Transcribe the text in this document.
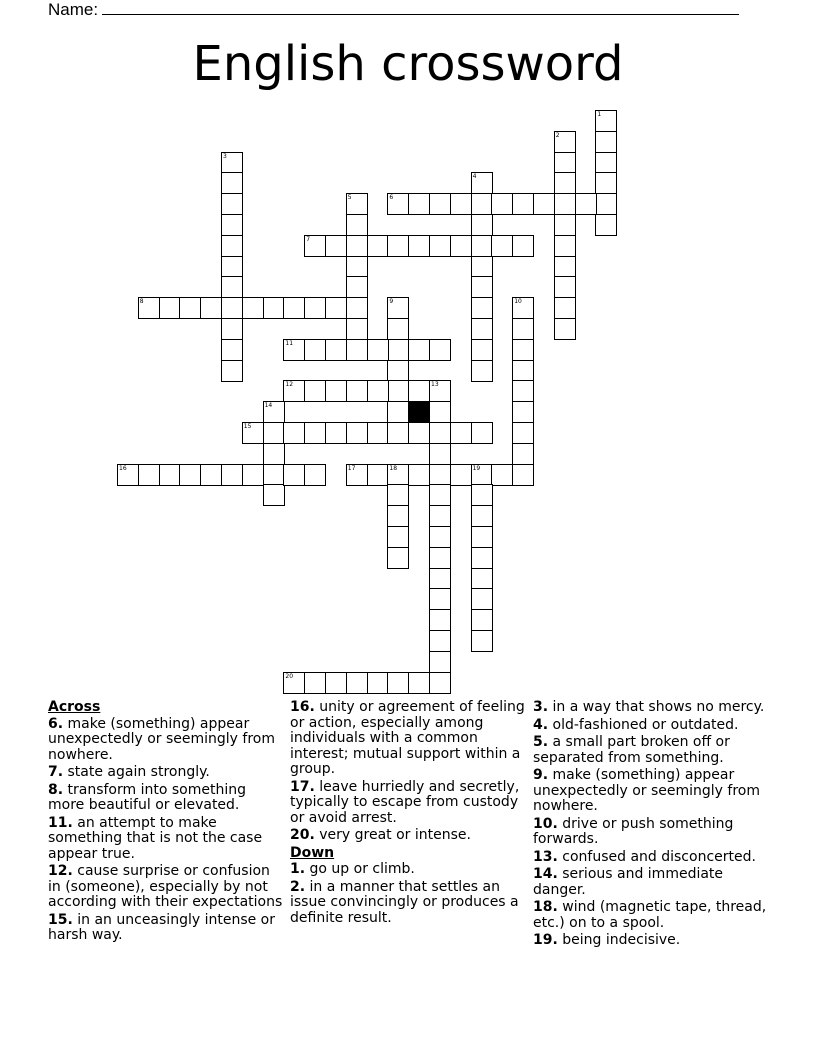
Name:
English crossword
1
2
3
4
5	6
7
8	9	10
11
12	13
14
15
16	17	18	19
20
Across
6. make (something) appear unexpectedly or seemingly from nowhere.
7. state again strongly.
8. transform into something more beautiful or elevated.
11. an attempt to make something that is not the case appear true.
12. cause surprise or confusion in (someone), especially by not according with their expectations
15. in an unceasingly intense or harsh way.
16. unity or agreement of feeling or action, especially among individuals with a common interest; mutual support within a group.
17. leave hurriedly and secretly, typically to escape from custody or avoid arrest.
20. very great or intense.
Down
1. go up or climb.
2. in a manner that settles an issue convincingly or produces a definite result.
3. in a way that shows no mercy.
4. old-fashioned or outdated.
5. a small part broken off or separated from something.
9. make (something) appear unexpectedly or seemingly from nowhere.
10. drive or push something forwards.
13. confused and disconcerted.
14. serious and immediate danger.
18. wind (magnetic tape, thread, etc.) on to a spool.
19. being indecisive.
